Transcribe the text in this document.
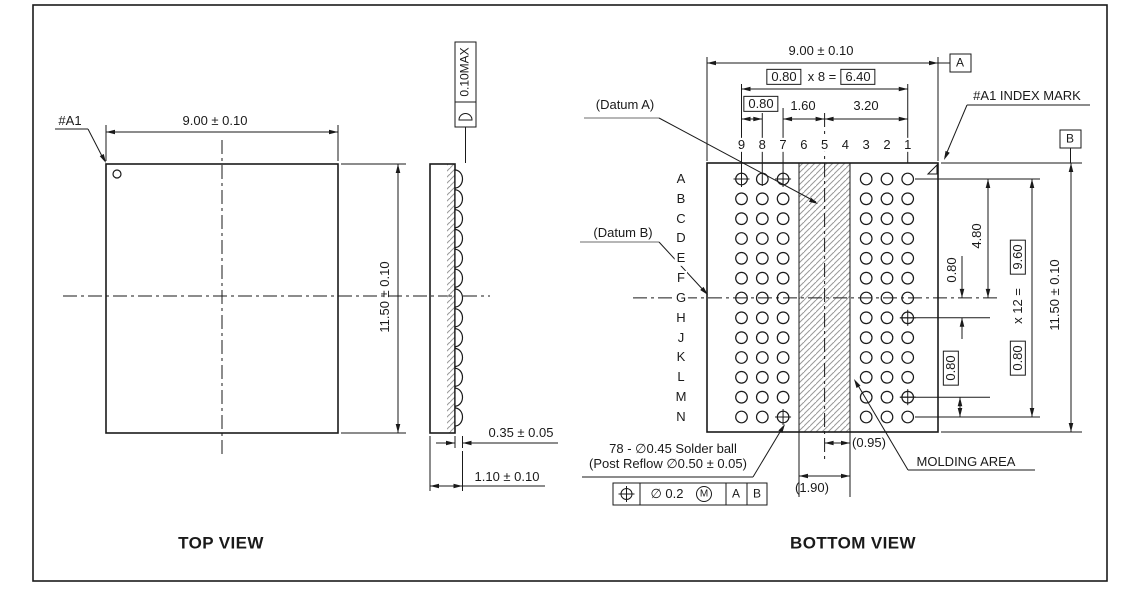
#A1	9.00 ± 0.10
11.50 ± 0.10
TOP VIEW
0.10MAX
0.35 ± 0.05
1.10 ± 0.10
9.00 ± 0.10
0.80 x 8 = 6.40
0.80	1.60	3.20
(Datum A)
(Datum B)
#A1 INDEX MARK
A
B
4.80
0.80
0.80
9.60
x 12 =
0.80
11.50 ± 0.10
(0.95)
(1.90)
MOLDING AREA
78 - ∅0.45 Solder ball
(Post Reflow ∅0.50 ± 0.05)
∅ 0.2 M A B
BOTTOM VIEW
9 8 7 6 5 4 3 2 1
A
B
C
D
E
F
G
H
J
K
L
M
N
